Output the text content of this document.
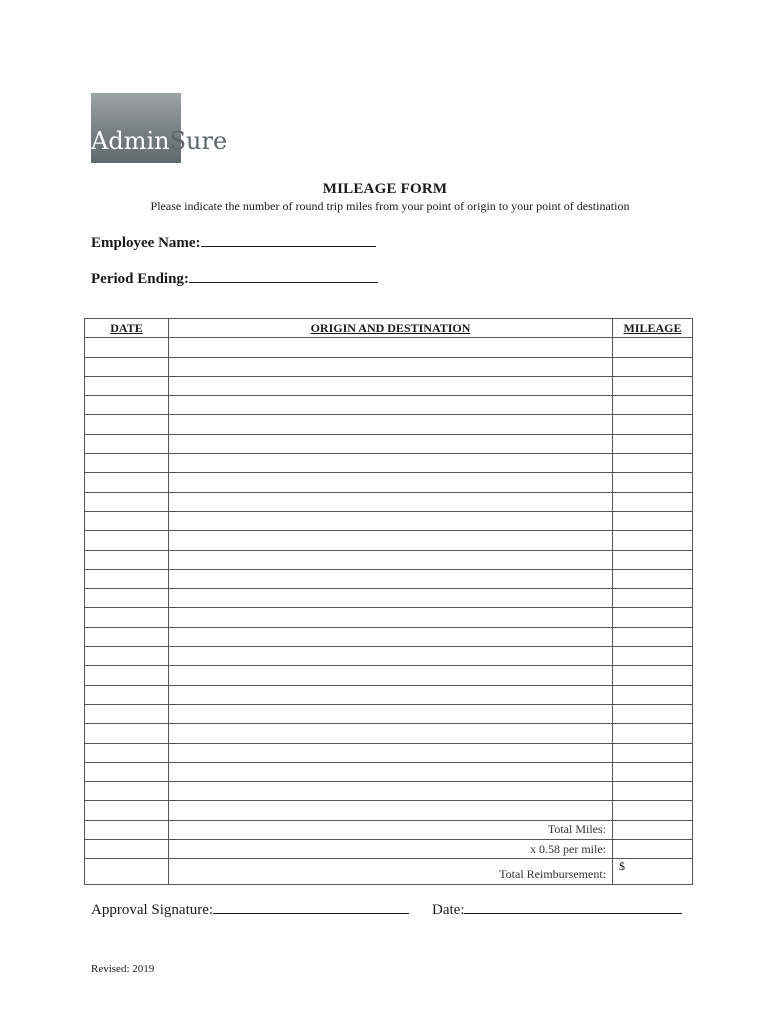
AdminSure
MILEAGE FORM
Please indicate the number of round trip miles from your point of origin to your point of destination
Employee Name:
Period Ending:
DATE	ORIGIN AND DESTINATION	MILEAGE

	Total Miles:	
	x 0.58 per mile:	
	Total Reimbursement:	$
Approval Signature:	Date:
Revised: 2019
